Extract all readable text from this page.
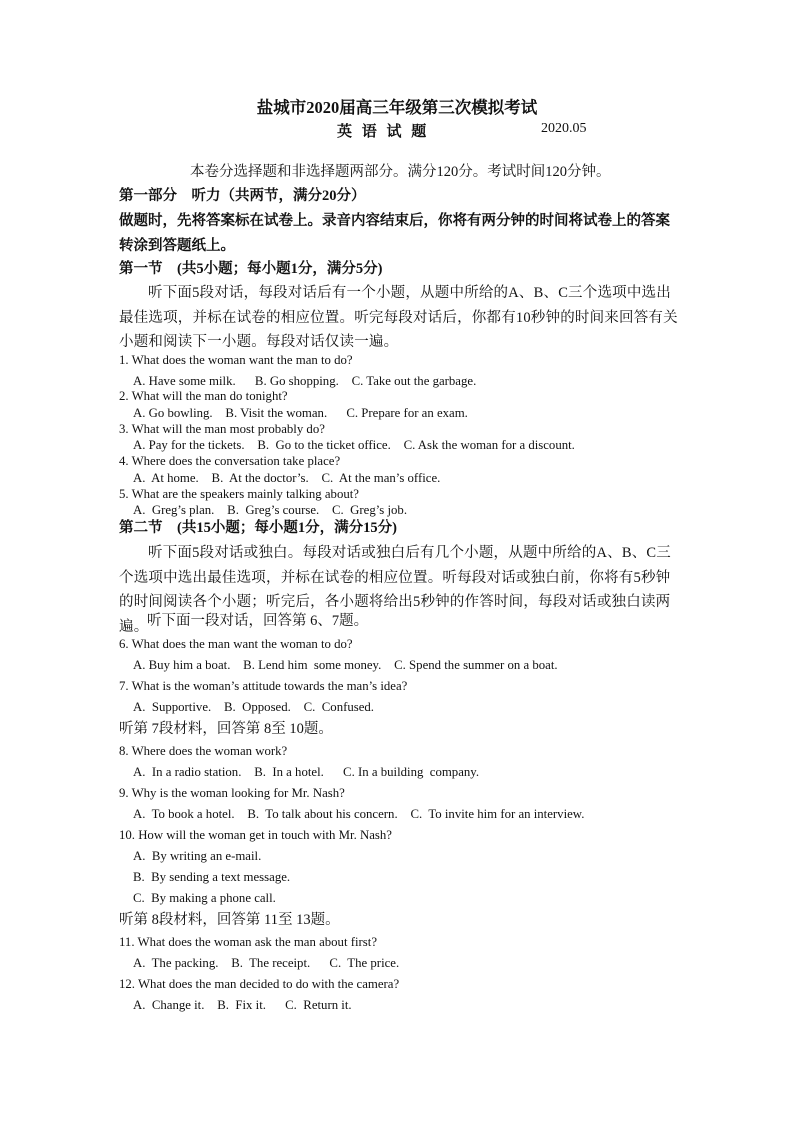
盐城市2020届高三年级第三次模拟考试
英 语 试 题	2020.05
本卷分选择题和非选择题两部分。满分120分。考试时间120分钟。
第一部分　听力（共两节，满分20分）
做题时，先将答案标在试卷上。录音内容结束后，你将有两分钟的时间将试卷上的答案转涂到答题纸上。
第一节　(共5小题；每小题1分，满分5分)
听下面5段对话，每段对话后有一个小题，从题中所给的A、B、C三个选项中选出最佳选项，并标在试卷的相应位置。听完每段对话后，你都有10秒钟的时间来回答有关小题和阅读下一小题。每段对话仅读一遍。
1. What does the woman want the man to do?
A. Have some milk.      B. Go shopping.    C. Take out the garbage.
2. What will the man do tonight?
A. Go bowling.    B. Visit the woman.      C. Prepare for an exam.
3. What will the man most probably do?
A. Pay for the tickets.    B.  Go to the ticket office.    C. Ask the woman for a discount.
4. Where does the conversation take place?
A.  At home.    B.  At the doctor’s.    C.  At the man’s office.
5. What are the speakers mainly talking about?
A.  Greg’s plan.    B.  Greg’s course.    C.  Greg’s job.
第二节　(共15小题；每小题1分，满分15分)
听下面5段对话或独白。每段对话或独白后有几个小题，从题中所给的A、B、C三个选项中选出最佳选项，并标在试卷的相应位置。听每段对话或独白前，你将有5秒钟的时间阅读各个小题；听完后，各小题将给出5秒钟的作答时间，每段对话或独白读两遍。
听下面一段对话，回答第 6、7题。
6. What does the man want the woman to do?
A. Buy him a boat.    B. Lend him  some money.    C. Spend the summer on a boat.
7. What is the woman’s attitude towards the man’s idea?
A.  Supportive.    B.  Opposed.    C.  Confused.
听第 7段材料，回答第 8至 10题。
8. Where does the woman work?
A.  In a radio station.    B.  In a hotel.      C. In a building  company.
9. Why is the woman looking for Mr. Nash?
A.  To book a hotel.    B.  To talk about his concern.    C.  To invite him for an interview.
10. How will the woman get in touch with Mr. Nash?
A.  By writing an e-mail.
B.  By sending a text message.
C.  By making a phone call.
听第 8段材料，回答第 11至 13题。
11. What does the woman ask the man about first?
A.  The packing.    B.  The receipt.      C.  The price.
12. What does the man decided to do with the camera?
A.  Change it.    B.  Fix it.      C.  Return it.
